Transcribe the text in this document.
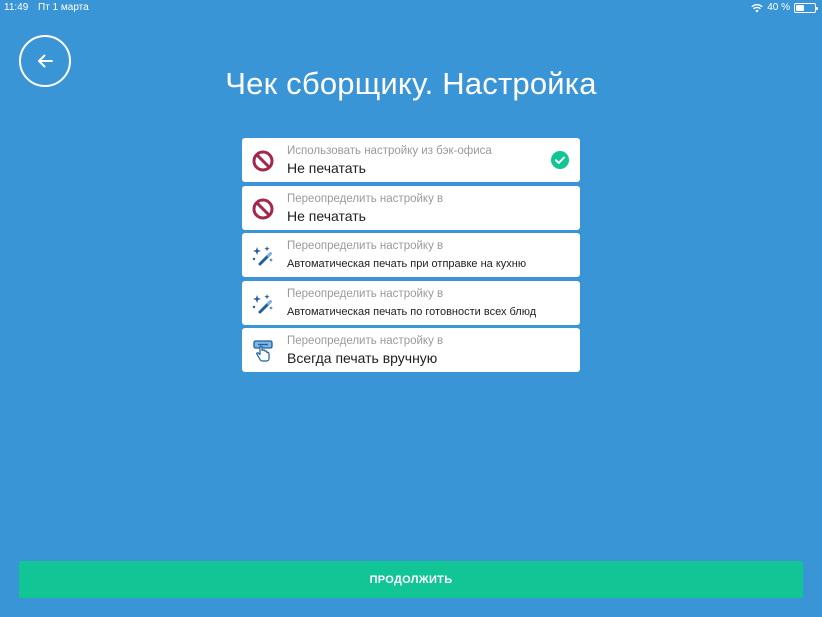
11:49 Пт 1 марта	40 %
Чек сборщику. Настройка
Использовать настройку из бэк-офиса
Не печатать
Переопределить настройку в
Не печатать
Переопределить настройку в
Автоматическая печать при отправке на кухню
Переопределить настройку в
Автоматическая печать по готовности всех блюд
Переопределить настройку в
Всегда печать вручную
ПРОДОЛЖИТЬ
